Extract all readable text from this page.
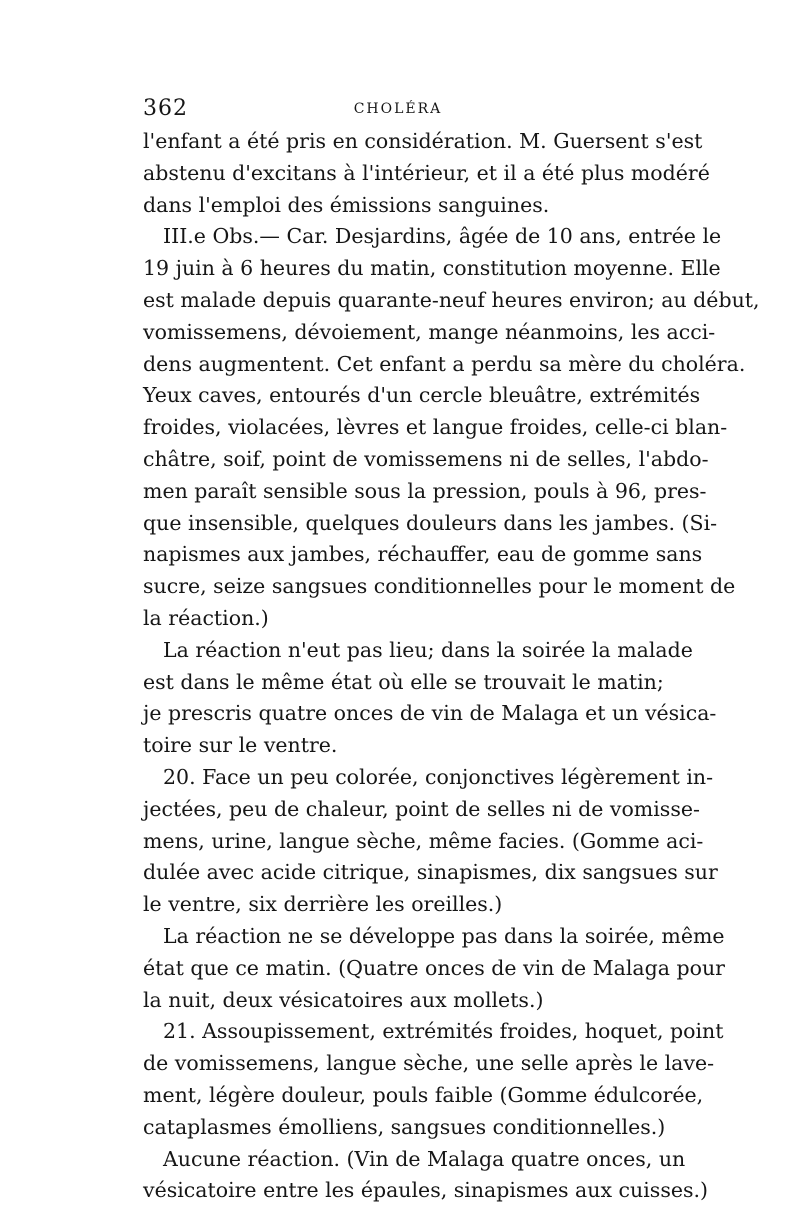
362	CHOLÉRA
l'enfant a été pris en considération. M. Guersent s'est
abstenu d'excitans à l'intérieur, et il a été plus modéré
dans l'emploi des émissions sanguines.
III.e Obs.— Car. Desjardins, âgée de 10 ans, entrée le
19 juin à 6 heures du matin, constitution moyenne. Elle
est malade depuis quarante-neuf heures environ; au début,
vomissemens, dévoiement, mange néanmoins, les acci-
dens augmentent. Cet enfant a perdu sa mère du choléra.
Yeux caves, entourés d'un cercle bleuâtre, extrémités
froides, violacées, lèvres et langue froides, celle-ci blan-
châtre, soif, point de vomissemens ni de selles, l'abdo-
men paraît sensible sous la pression, pouls à 96, pres-
que insensible, quelques douleurs dans les jambes. (Si-
napismes aux jambes, réchauffer, eau de gomme sans
sucre, seize sangsues conditionnelles pour le moment de
la réaction.)
La réaction n'eut pas lieu; dans la soirée la malade
est dans le même état où elle se trouvait le matin;
je prescris quatre onces de vin de Malaga et un vésica-
toire sur le ventre.
20. Face un peu colorée, conjonctives légèrement in-
jectées, peu de chaleur, point de selles ni de vomisse-
mens, urine, langue sèche, même facies. (Gomme aci-
dulée avec acide citrique, sinapismes, dix sangsues sur
le ventre, six derrière les oreilles.)
La réaction ne se développe pas dans la soirée, même
état que ce matin. (Quatre onces de vin de Malaga pour
la nuit, deux vésicatoires aux mollets.)
21. Assoupissement, extrémités froides, hoquet, point
de vomissemens, langue sèche, une selle après le lave-
ment, légère douleur, pouls faible (Gomme édulcorée,
cataplasmes émolliens, sangsues conditionnelles.)
Aucune réaction. (Vin de Malaga quatre onces, un
vésicatoire entre les épaules, sinapismes aux cuisses.)
